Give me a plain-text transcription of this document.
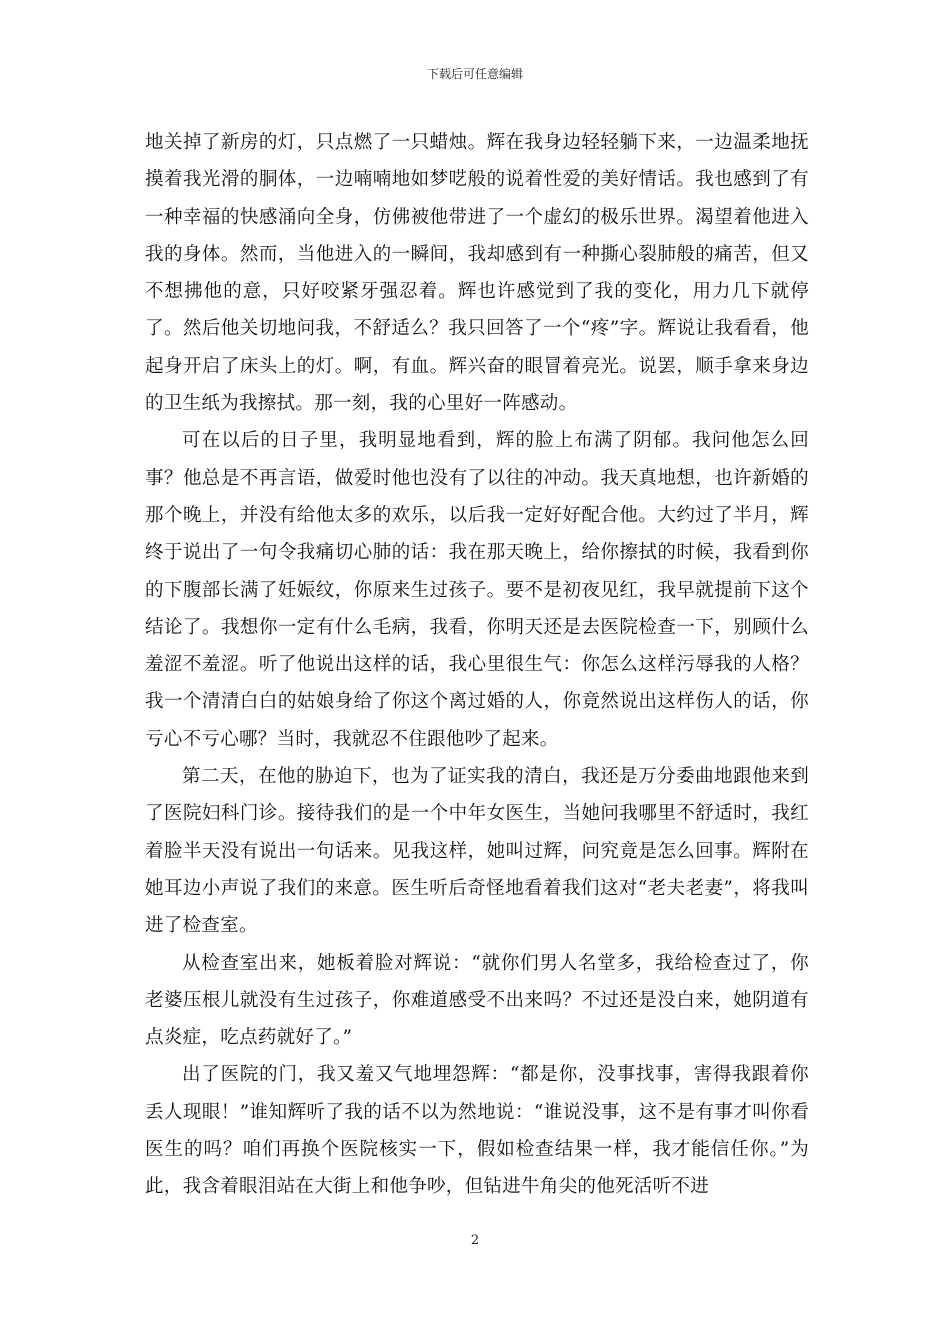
下载后可任意编辑

地关掉了新房的灯，只点燃了一只蜡烛。辉在我身边轻轻躺下来，一边温柔地抚摸着我光滑的胴体，一边喃喃地如梦呓般的说着性爱的美好情话。我也感到了有一种幸福的快感涌向全身，仿佛被他带进了一个虚幻的极乐世界。渴望着他进入我的身体。然而，当他进入的一瞬间，我却感到有一种撕心裂肺般的痛苦，但又不想拂他的意，只好咬紧牙强忍着。辉也许感觉到了我的变化，用力几下就停了。然后他关切地问我，不舒适么？我只回答了一个“疼”字。辉说让我看看，他起身开启了床头上的灯。啊，有血。辉兴奋的眼冒着亮光。说罢，顺手拿来身边的卫生纸为我擦拭。那一刻，我的心里好一阵感动。

可在以后的日子里，我明显地看到，辉的脸上布满了阴郁。我问他怎么回事？他总是不再言语，做爱时他也没有了以往的冲动。我天真地想，也许新婚的那个晚上，并没有给他太多的欢乐，以后我一定好好配合他。大约过了半月，辉终于说出了一句令我痛切心肺的话：我在那天晚上，给你擦拭的时候，我看到你的下腹部长满了妊娠纹，你原来生过孩子。要不是初夜见红，我早就提前下这个结论了。我想你一定有什么毛病，我看，你明天还是去医院检查一下，别顾什么羞涩不羞涩。听了他说出这样的话，我心里很生气：你怎么这样污辱我的人格？我一个清清白白的姑娘身给了你这个离过婚的人，你竟然说出这样伤人的话，你亏心不亏心哪？当时，我就忍不住跟他吵了起来。

第二天，在他的胁迫下，也为了证实我的清白，我还是万分委曲地跟他来到了医院妇科门诊。接待我们的是一个中年女医生，当她问我哪里不舒适时，我红着脸半天没有说出一句话来。见我这样，她叫过辉，问究竟是怎么回事。辉附在她耳边小声说了我们的来意。医生听后奇怪地看着我们这对“老夫老妻”，将我叫进了检查室。

从检查室出来，她板着脸对辉说：“就你们男人名堂多，我给检查过了，你老婆压根儿就没有生过孩子，你难道感受不出来吗？不过还是没白来，她阴道有点炎症，吃点药就好了。”

出了医院的门，我又羞又气地埋怨辉：“都是你，没事找事，害得我跟着你丢人现眼！”谁知辉听了我的话不以为然地说：“谁说没事，这不是有事才叫你看医生的吗？咱们再换个医院核实一下，假如检查结果一样，我才能信任你。”为此，我含着眼泪站在大街上和他争吵，但钻进牛角尖的他死活听不进

2
